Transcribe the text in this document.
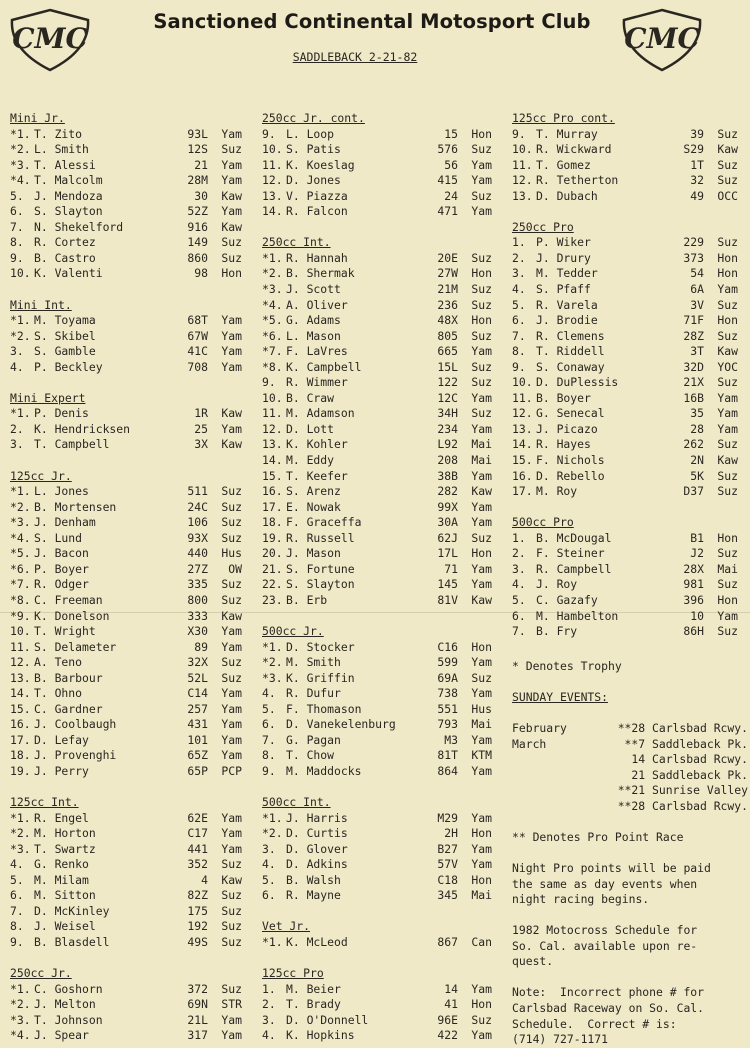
CMC	CMC
Sanctioned Continental Motosport Club
SADDLEBACK 2-21-82
Mini Jr.
*1. T. Zito	93L	Yam
*2. L. Smith	12S	Suz
*3. T. Alessi	21	Yam
*4. T. Malcolm	28M	Yam
5. J. Mendoza	30	Kaw
6. S. Slayton	52Z	Yam
7. N. Shekelford	916	Kaw
8. R. Cortez	149	Suz
9. B. Castro	860	Suz
10. K. Valenti	98	Hon
Mini Int.
*1. M. Toyama	68T	Yam
*2. S. Skibel	67W	Yam
3. S. Gamble	41C	Yam
4. P. Beckley	708	Yam
Mini Expert
*1. P. Denis	1R	Kaw
2. K. Hendricksen	25	Yam
3. T. Campbell	3X	Kaw
125cc Jr.
*1. L. Jones	511	Suz
*2. B. Mortensen	24C	Suz
*3. J. Denham	106	Suz
*4. S. Lund	93X	Suz
*5. J. Bacon	440	Hus
*6. P. Boyer	27Z	OW
*7. R. Odger	335	Suz
*8. C. Freeman	800	Suz
*9. K. Donelson	333	Kaw
10. T. Wright	X30	Yam
11. S. Delameter	89	Yam
12. A. Teno	32X	Suz
13. B. Barbour	52L	Suz
14. T. Ohno	C14	Yam
15. C. Gardner	257	Yam
16. J. Coolbaugh	431	Yam
17. D. Lefay	101	Yam
18. J. Provenghi	65Z	Yam
19. J. Perry	65P	PCP
125cc Int.
*1. R. Engel	62E	Yam
*2. M. Horton	C17	Yam
*3. T. Swartz	441	Yam
4. G. Renko	352	Suz
5. M. Milam	4	Kaw
6. M. Sitton	82Z	Suz
7. D. McKinley	175	Suz
8. J. Weisel	192	Suz
9. B. Blasdell	49S	Suz
250cc Jr.
*1. C. Goshorn	372	Suz
*2. J. Melton	69N	STR
*3. T. Johnson	21L	Yam
*4. J. Spear	317	Yam
250cc Jr. cont.
9. L. Loop	15	Hon
10. S. Patis	576	Suz
11. K. Koeslag	56	Yam
12. D. Jones	415	Yam
13. V. Piazza	24	Suz
14. R. Falcon	471	Yam
250cc Int.
*1. R. Hannah	20E	Suz
*2. B. Shermak	27W	Hon
*3. J. Scott	21M	Suz
*4. A. Oliver	236	Suz
*5. G. Adams	48X	Hon
*6. L. Mason	805	Suz
*7. F. LaVres	665	Yam
*8. K. Campbell	15L	Suz
9. R. Wimmer	122	Suz
10. B. Craw	12C	Yam
11. M. Adamson	34H	Suz
12. D. Lott	234	Yam
13. K. Kohler	L92	Mai
14. M. Eddy	208	Mai
15. T. Keefer	38B	Yam
16. S. Arenz	282	Kaw
17. E. Nowak	99X	Yam
18. F. Graceffa	30A	Yam
19. R. Russell	62J	Suz
20. J. Mason	17L	Hon
21. S. Fortune	71	Yam
22. S. Slayton	145	Yam
23. B. Erb	81V	Kaw
500cc Jr.
*1. D. Stocker	C16	Hon
*2. M. Smith	599	Yam
*3. K. Griffin	69A	Suz
4. R. Dufur	738	Yam
5. F. Thomason	551	Hus
6. D. Vanekelenburg	793	Mai
7. G. Pagan	M3	Yam
8. T. Chow	81T	KTM
9. M. Maddocks	864	Yam
500cc Int.
*1. J. Harris	M29	Yam
*2. D. Curtis	2H	Hon
3. D. Glover	B27	Yam
4. D. Adkins	57V	Yam
5. B. Walsh	C18	Hon
6. R. Mayne	345	Mai
Vet Jr.
*1. K. McLeod	867	Can
125cc Pro
1. M. Beier	14	Yam
2. T. Brady	41	Hon
3. D. O'Donnell	96E	Suz
4. K. Hopkins	422	Yam
125cc Pro cont.
9. T. Murray	39	Suz
10. R. Wickward	S29	Kaw
11. T. Gomez	1T	Suz
12. R. Tetherton	32	Suz
13. D. Dubach	49	OCC
250cc Pro
1. P. Wiker	229	Suz
2. J. Drury	373	Hon
3. M. Tedder	54	Hon
4. S. Pfaff	6A	Yam
5. R. Varela	3V	Suz
6. J. Brodie	71F	Hon
7. R. Clemens	28Z	Suz
8. T. Riddell	3T	Kaw
9. S. Conaway	32D	YOC
10. D. DuPlessis	21X	Suz
11. B. Boyer	16B	Yam
12. G. Senecal	35	Yam
13. J. Picazo	28	Yam
14. R. Hayes	262	Suz
15. F. Nichols	2N	Kaw
16. D. Rebello	5K	Suz
17. M. Roy	D37	Suz
500cc Pro
1. B. McDougal	B1	Hon
2. F. Steiner	J2	Suz
3. R. Campbell	28X	Mai
4. J. Roy	981	Suz
5. C. Gazafy	396	Hon
6. M. Hambelton	10	Yam
7. B. Fry	86H	Suz
* Denotes Trophy
SUNDAY EVENTS:
February	**28 Carlsbad Rcwy.
March	**7 Saddleback Pk.
14 Carlsbad Rcwy.
21 Saddleback Pk.
**21 Sunrise Valley
**28 Carlsbad Rcwy.
** Denotes Pro Point Race
Night Pro points will be paid
the same as day events when
night racing begins.
1982 Motocross Schedule for
So. Cal. available upon re-
quest.
Note:  Incorrect phone # for
Carlsbad Raceway on So. Cal.
Schedule.  Correct # is:
(714) 727-1171
